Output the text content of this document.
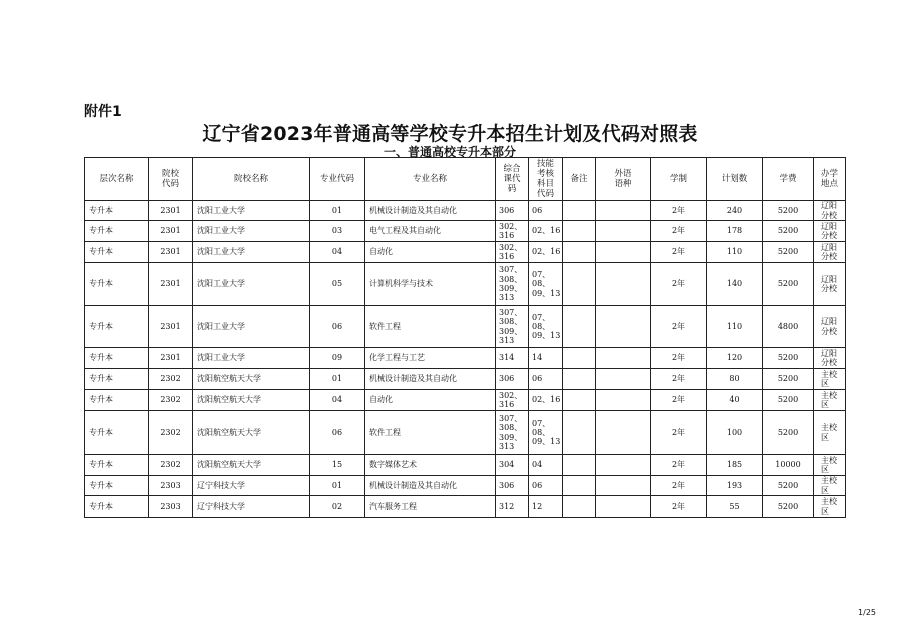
附件1
辽宁省2023年普通高等学校专升本招生计划及代码对照表
一、普通高校专升本部分
层次名称	院校代码	院校名称	专业代码	专业名称	综合课代码	技能考核科目代码	备注	外语语种	学制	计划数	学费	办学地点
专升本	2301	沈阳工业大学	01	机械设计制造及其自动化	306	06			2年	240	5200	辽阳分校
专升本	2301	沈阳工业大学	03	电气工程及其自动化	302、316	02、16			2年	178	5200	辽阳分校
专升本	2301	沈阳工业大学	04	自动化	302、316	02、16			2年	110	5200	辽阳分校
专升本	2301	沈阳工业大学	05	计算机科学与技术	307、308、309、313	07、08、09、13			2年	140	5200	辽阳分校
专升本	2301	沈阳工业大学	06	软件工程	307、308、309、313	07、08、09、13			2年	110	4800	辽阳分校
专升本	2301	沈阳工业大学	09	化学工程与工艺	314	14			2年	120	5200	辽阳分校
专升本	2302	沈阳航空航天大学	01	机械设计制造及其自动化	306	06			2年	80	5200	主校区
专升本	2302	沈阳航空航天大学	04	自动化	302、316	02、16			2年	40	5200	主校区
专升本	2302	沈阳航空航天大学	06	软件工程	307、308、309、313	07、08、09、13			2年	100	5200	主校区
专升本	2302	沈阳航空航天大学	15	数字媒体艺术	304	04			2年	185	10000	主校区
专升本	2303	辽宁科技大学	01	机械设计制造及其自动化	306	06			2年	193	5200	主校区
专升本	2303	辽宁科技大学	02	汽车服务工程	312	12			2年	55	5200	主校区
1/25
